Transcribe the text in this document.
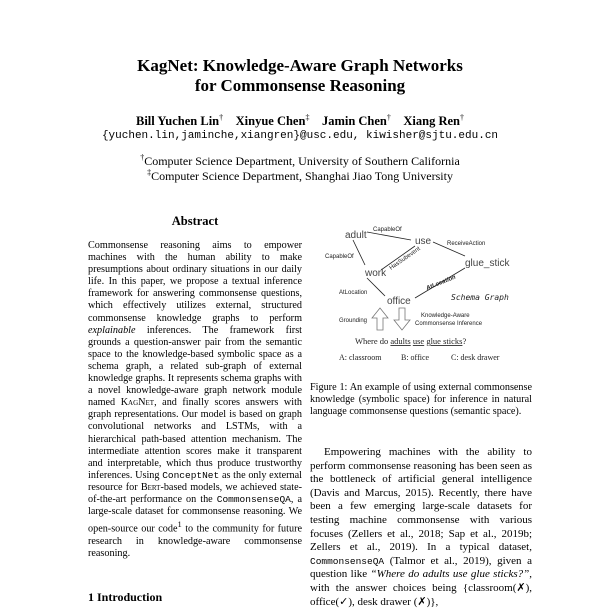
KagNet: Knowledge-Aware Graph Networks
for Commonsense Reasoning
Bill Yuchen Lin† Xinyue Chen‡ Jamin Chen† Xiang Ren†
{yuchen.lin,jaminche,xiangren}@usc.edu, kiwisher@sjtu.edu.cn
†Computer Science Department, University of Southern California
‡Computer Science Department, Shanghai Jiao Tong University
Abstract
Commonsense reasoning aims to empower machines with the human ability to make presumptions about ordinary situations in our daily life. In this paper, we propose a textual inference framework for answering commonsense questions, which effectively utilizes external, structured commonsense knowledge graphs to perform explainable inferences. The framework first grounds a question-answer pair from the semantic space to the knowledge-based symbolic space as a schema graph, a related sub-graph of external knowledge graphs. It represents schema graphs with a novel knowledge-aware graph network module named KagNet, and finally scores answers with graph representations. Our model is based on graph convolutional networks and LSTMs, with a hierarchical path-based attention mechanism. The intermediate attention scores make it transparent and interpretable, which thus produce trustworthy inferences. Using ConceptNet as the only external resource for Bert-based models, we achieved state-of-the-art performance on the CommonsenseQA, a large-scale dataset for commonsense reasoning. We open-source our code$^1$ to the community for future research in knowledge-aware commonsense reasoning.
1 Introduction
adult
use
work
glue_stick
office
CapableOf
CapableOf
ReceiveAction
HasSubevent
AtLocation
AtLocation
Schema Graph
Grounding
Knowledge-Aware
Commonsense Inference
Where do adults use glue sticks?
A: classroom B: office	C: desk drawer
Figure 1: An example of using external commonsense knowledge (symbolic space) for inference in natural language commonsense questions (semantic space).
Empowering machines with the ability to perform commonsense reasoning has been seen as the bottleneck of artificial general intelligence (Davis and Marcus, 2015). Recently, there have been a few emerging large-scale datasets for testing machine commonsense with various focuses (Zellers et al., 2018; Sap et al., 2019b; Zellers et al., 2019). In a typical dataset, CommonsenseQA (Talmor et al., 2019), given a question like “Where do adults use glue sticks?”, with the answer choices being {classroom(✗), office(✓), desk drawer (✗)},
